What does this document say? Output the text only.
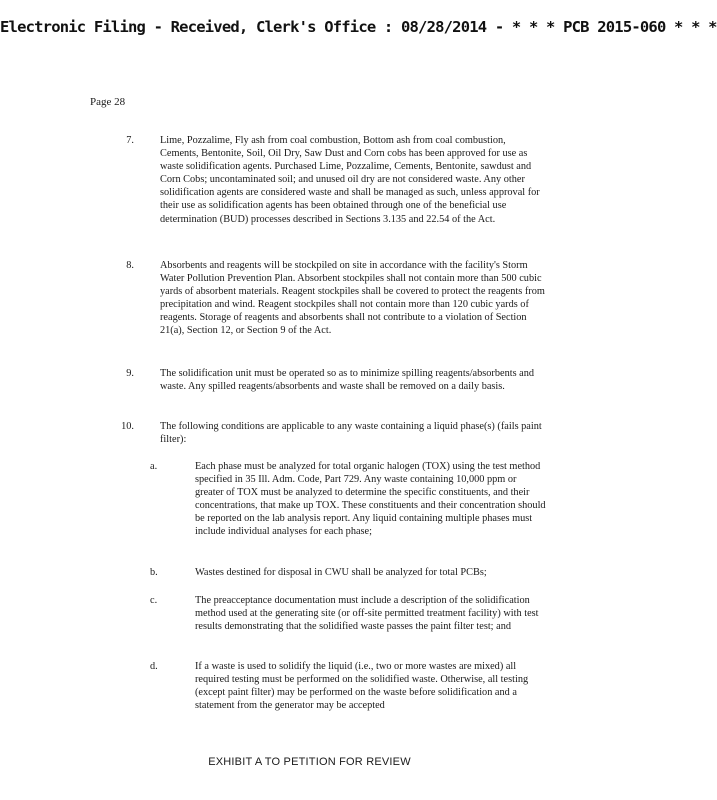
Electronic Filing - Received, Clerk's Office : 08/28/2014 - * * * PCB 2015-060 * * *
Page 28
7.	Lime, Pozzalime, Fly ash from coal combustion, Bottom ash from coal combustion, Cements, Bentonite, Soil, Oil Dry, Saw Dust and Corn cobs has been approved for use as waste solidification agents. Purchased Lime, Pozzalime, Cements, Bentonite, sawdust and Corn Cobs; uncontaminated soil; and unused oil dry are not considered waste. Any other solidification agents are considered waste and shall be managed as such, unless approval for their use as solidification agents has been obtained through one of the beneficial use determination (BUD) processes described in Sections 3.135 and 22.54 of the Act.
8.	Absorbents and reagents will be stockpiled on site in accordance with the facility's Storm Water Pollution Prevention Plan. Absorbent stockpiles shall not contain more than 500 cubic yards of absorbent materials. Reagent stockpiles shall be covered to protect the reagents from precipitation and wind. Reagent stockpiles shall not contain more than 120 cubic yards of reagents. Storage of reagents and absorbents shall not contribute to a violation of Section 21(a), Section 12, or Section 9 of the Act.
9.	The solidification unit must be operated so as to minimize spilling reagents/absorbents and waste. Any spilled reagents/absorbents and waste shall be removed on a daily basis.
10.	The following conditions are applicable to any waste containing a liquid phase(s) (fails paint filter):
a.	Each phase must be analyzed for total organic halogen (TOX) using the test method specified in 35 Ill. Adm. Code, Part 729. Any waste containing 10,000 ppm or greater of TOX must be analyzed to determine the specific constituents, and their concentrations, that make up TOX. These constituents and their concentration should be reported on the lab analysis report. Any liquid containing multiple phases must include individual analyses for each phase;
b.	Wastes destined for disposal in CWU shall be analyzed for total PCBs;
c.	The preacceptance documentation must include a description of the solidification method used at the generating site (or off-site permitted treatment facility) with test results demonstrating that the solidified waste passes the paint filter test; and
d.	If a waste is used to solidify the liquid (i.e., two or more wastes are mixed) all required testing must be performed on the solidified waste. Otherwise, all testing (except paint filter) may be performed on the waste before solidification and a statement from the generator may be accepted
EXHIBIT A TO PETITION FOR REVIEW
